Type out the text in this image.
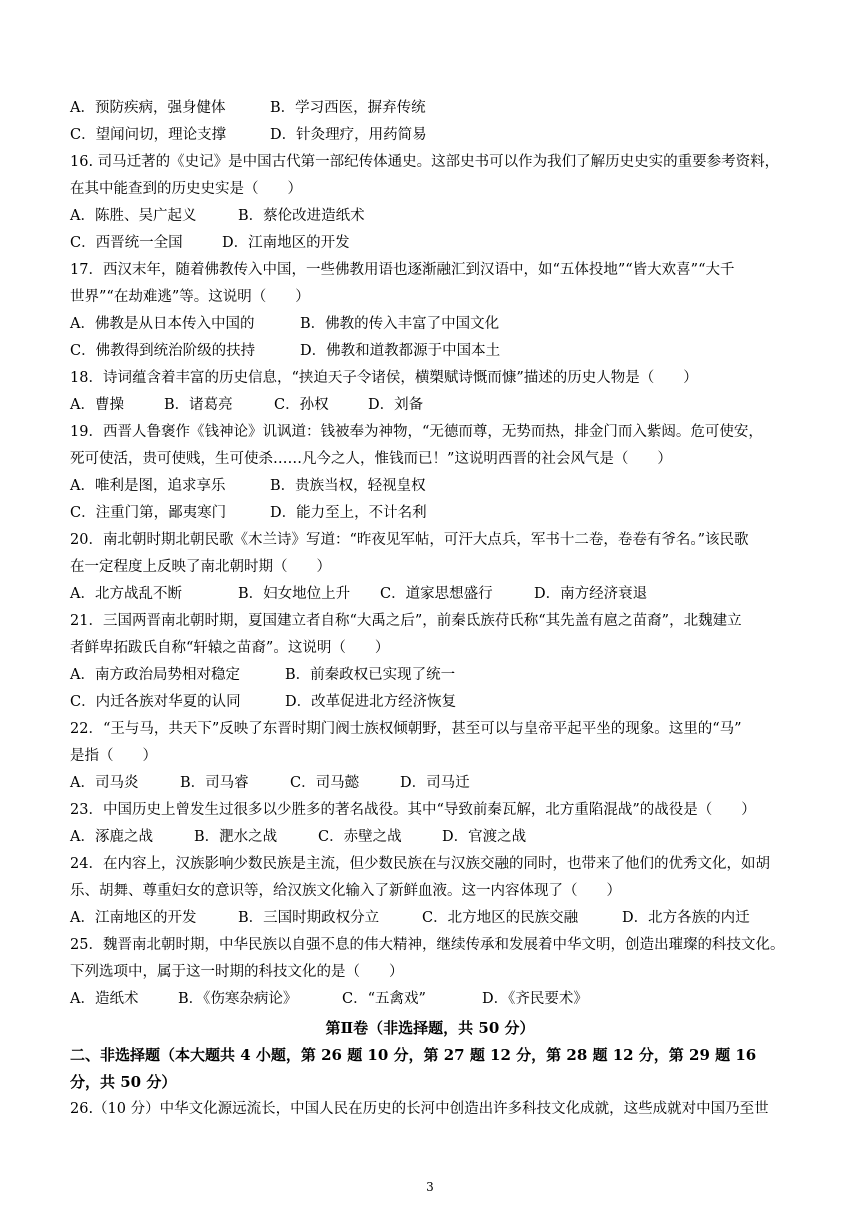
A．预防疾病，强身健体	B．学习西医，摒弃传统
C．望闻问切，理论支撑	D．针灸理疗，用药简易
16. 司马迁著的《史记》是中国古代第一部纪传体通史。这部史书可以作为我们了解历史史实的重要参考资料，
在其中能查到的历史史实是（　　）
A．陈胜、吴广起义	B．蔡伦改进造纸术
C．西晋统一全国	D．江南地区的开发
17．西汉末年，随着佛教传入中国，一些佛教用语也逐渐融汇到汉语中，如“五体投地”“皆大欢喜”“大千
世界”“在劫难逃”等。这说明（　　）
A．佛教是从日本传入中国的	B．佛教的传入丰富了中国文化
C．佛教得到统治阶级的扶持	D．佛教和道教都源于中国本土
18．诗词蕴含着丰富的历史信息，“挟迫天子令诸侯，横槊赋诗慨而慷”描述的历史人物是（　　）
A．曹操	B．诸葛亮	C．孙权	D．刘备
19．西晋人鲁褒作《钱神论》讥讽道：钱被奉为神物，“无德而尊，无势而热，排金门而入紫闼。危可使安，
死可使活，贵可使贱，生可使杀……凡今之人，惟钱而已！”这说明西晋的社会风气是（　　）
A．唯利是图，追求享乐	B．贵族当权，轻视皇权
C．注重门第，鄙夷寒门	D．能力至上，不计名利
20．南北朝时期北朝民歌《木兰诗》写道：“昨夜见军帖，可汗大点兵，军书十二卷，卷卷有爷名。”该民歌
在一定程度上反映了南北朝时期（　　）
A．北方战乱不断	B．妇女地位上升 C．道家思想盛行	D．南方经济衰退
21．三国两晋南北朝时期，夏国建立者自称“大禹之后”，前秦氐族苻氏称“其先盖有扈之苗裔”，北魏建立
者鲜卑拓跋氏自称“轩辕之苗裔”。这说明（　　）
A．南方政治局势相对稳定	B．前秦政权已实现了统一
C．内迁各族对华夏的认同	D．改革促进北方经济恢复
22．“王与马，共天下”反映了东晋时期门阀士族权倾朝野，甚至可以与皇帝平起平坐的现象。这里的“马”
是指（　　）
A．司马炎	B．司马睿	C．司马懿	D．司马迁
23．中国历史上曾发生过很多以少胜多的著名战役。其中“导致前秦瓦解，北方重陷混战”的战役是（　　）
A．涿鹿之战	B．淝水之战	C．赤壁之战	D．官渡之战
24．在内容上，汉族影响少数民族是主流，但少数民族在与汉族交融的同时，也带来了他们的优秀文化，如胡
乐、胡舞、尊重妇女的意识等，给汉族文化输入了新鲜血液。这一内容体现了（　　）
A．江南地区的开发	B．三国时期政权分立	C．北方地区的民族交融	D．北方各族的内迁
25．魏晋南北朝时期，中华民族以自强不息的伟大精神，继续传承和发展着中华文明，创造出璀璨的科技文化。
下列选项中，属于这一时期的科技文化的是（　　）
A．造纸术	B．《伤寒杂病论》	C．“五禽戏”	D．《齐民要术》
第Ⅱ卷（非选择题，共 50 分）
二、非选择题（本大题共 4 小题，第 26 题 10 分，第 27 题 12 分，第 28 题 12 分，第 29 题 16
分，共 50 分）
26.（10 分）中华文化源远流长，中国人民在历史的长河中创造出许多科技文化成就，这些成就对中国乃至世
3
